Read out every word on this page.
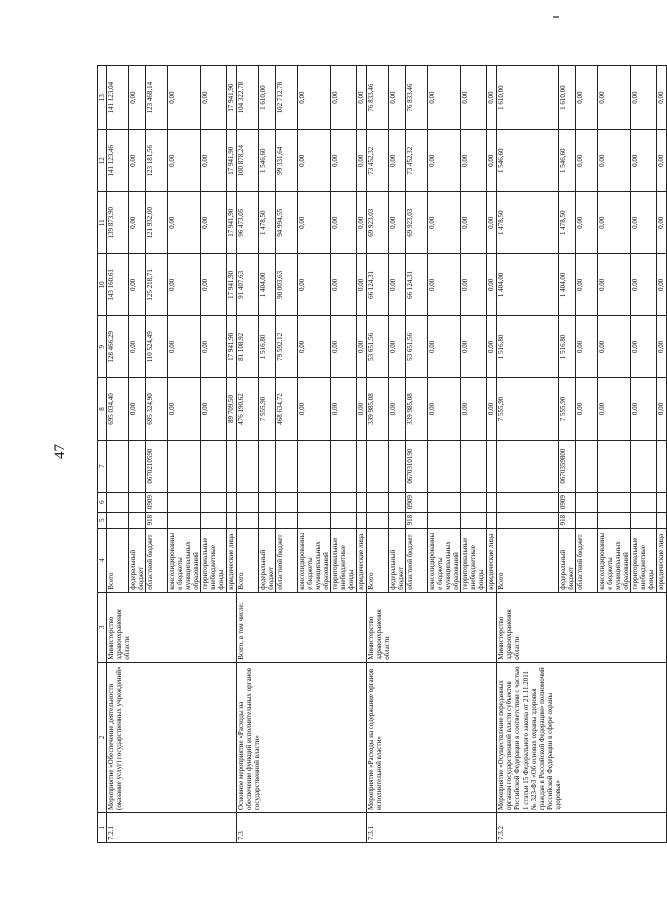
47
1	2	3	4	5	6	7	8	9	10	11	12	13
7.2.1	Мероприятие «Обеспечение деятельности (оказание услуг) государственных учреждений»	Министерство здравоохранения области	Всего				695 034,40	128 466,29	143 160,61	139 873,90	141 123,46	141 123,04
			федеральный бюджет				0,00	0,00	0,00	0,00	0,00	0,00
			областной бюджет	918	0909	0670210590	695 324,90	110 524,49	125 218,71	121 932,00	123 181,56	123 468,14
			консолидированные бюджеты муниципальных образований				0,00	0,00	0,00	0,00	0,00	0,00
			территориальные внебюджетные фонды				0,00	0,00	0,00	0,00	0,00	0,00
			юридические лица				89 709,50	17 941,90	17 941,90	17 941,90	17 941,90	17 941,90
7.3	Основное мероприятие «Расходы на обеспечение функций исполнительных органов государственной власти»	Всего, в том числе:	Всего				476 190,62	81 108,92	91 407,63	96 473,05	100 878,24	104 322,78
			федеральный бюджет				7 555,90	1 516,80	1 404,00	1 478,50	1 546,60	1 610,00
			областной бюджет				468 634,72	79 592,12	90 003,63	94 994,55	99 331,64	102 712,78
			консолидированные бюджеты муниципальных образований				0,00	0,00	0,00	0,00	0,00	0,00
			территориальные внебюджетные фонды				0,00	0,00	0,00	0,00	0,00	0,00
			юридические лица				0,00	0,00	0,00	0,00	0,00	0,00
7.3.1	Мероприятие «Расходы на содержание органов исполнительной власти»	Министерство здравоохранения области	Всего				339 985,08	53 651,56	66 124,31	69 923,03	73 452,32	76 833,46
			федеральный бюджет				0,00	0,00	0,00	0,00	0,00	0,00
			областной бюджет	918	0909	0670310190	339 985,08	53 651,56	66 124,31	69 923,03	73 452,32	76 833,46
			консолидированные бюджеты муниципальных образований				0,00	0,00	0,00	0,00	0,00	0,00
			территориальные внебюджетные фонды				0,00	0,00	0,00	0,00	0,00	0,00
			юридические лица				0,00	0,00	0,00	0,00	0,00	0,00
7.3.2	Мероприятие «Осуществление переданных органам государственной власти субъектов Российской Федерации в соответствии с частью 1 статьи 15 Федерального закона от 21.11.2011 № 323-ФЗ «Об основах охраны здоровья граждан в Российской Федерации» полномочий Российской Федерации в сфере охраны здоровья»	Министерство здравоохранения области	Всего				7 555,90	1 516,80	1 404,00	1 478,50	1 546,60	1 610,00
			федеральный бюджет	918	0909	0670359800	7 555,90	1 516,80	1 404,00	1 478,50	1 546,60	1 610,00
			областной бюджет				0,00	0,00	0,00	0,00	0,00	0,00
			консолидированные бюджеты муниципальных образований				0,00	0,00	0,00	0,00	0,00	0,00
			территориальные внебюджетные фонды				0,00	0,00	0,00	0,00	0,00	0,00
			юридические лица				0,00	0,00	0,00	0,00	0,00	0,00
